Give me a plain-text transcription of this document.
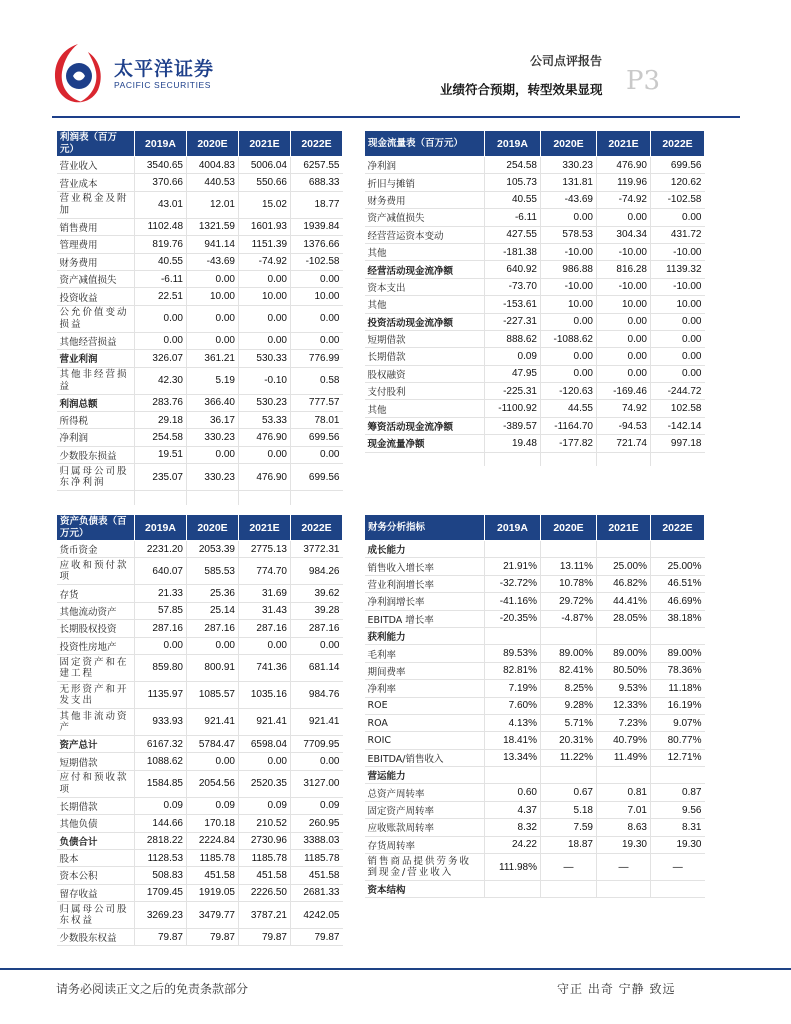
太平洋证券
PACIFIC SECURITIES
公司点评报告
业绩符合预期，转型效果显现 P3
利润表（百万元）	2019A	2020E	2021E	2022E
营业收入	3540.65	4004.83	5006.04	6257.55
营业成本	370.66	440.53	550.66	688.33
营业税金及附加	43.01	12.01	15.02	18.77
销售费用	1102.48	1321.59	1601.93	1939.84
管理费用	819.76	941.14	1151.39	1376.66
财务费用	40.55	-43.69	-74.92	-102.58
资产减值损失	-6.11	0.00	0.00	0.00
投资收益	22.51	10.00	10.00	10.00
公允价值变动损益	0.00	0.00	0.00	0.00
其他经营损益	0.00	0.00	0.00	0.00
营业利润	326.07	361.21	530.33	776.99
其他非经营损益	42.30	5.19	-0.10	0.58
利润总额	283.76	366.40	530.23	777.57
所得税	29.18	36.17	53.33	78.01
净利润	254.58	330.23	476.90	699.56
少数股东损益	19.51	0.00	0.00	0.00
归属母公司股东净利润	235.07	330.23	476.90	699.56

现金流量表（百万元）	2019A	2020E	2021E	2022E
净利润	254.58	330.23	476.90	699.56
折旧与摊销	105.73	131.81	119.96	120.62
财务费用	40.55	-43.69	-74.92	-102.58
资产减值损失	-6.11	0.00	0.00	0.00
经营营运资本变动	427.55	578.53	304.34	431.72
其他	-181.38	-10.00	-10.00	-10.00
经营活动现金流净额	640.92	986.88	816.28	1139.32
资本支出	-73.70	-10.00	-10.00	-10.00
其他	-153.61	10.00	10.00	10.00
投资活动现金流净额	-227.31	0.00	0.00	0.00
短期借款	888.62	-1088.62	0.00	0.00
长期借款	0.09	0.00	0.00	0.00
股权融资	47.95	0.00	0.00	0.00
支付股利	-225.31	-120.63	-169.46	-244.72
其他	-1100.92	44.55	74.92	102.58
筹资活动现金流净额	-389.57	-1164.70	-94.53	-142.14
现金流量净额	19.48	-177.82	721.74	997.18

资产负债表（百万元）	2019A	2020E	2021E	2022E
货币资金	2231.20	2053.39	2775.13	3772.31
应收和预付款项	640.07	585.53	774.70	984.26
存货	21.33	25.36	31.69	39.62
其他流动资产	57.85	25.14	31.43	39.28
长期股权投资	287.16	287.16	287.16	287.16
投资性房地产	0.00	0.00	0.00	0.00
固定资产和在建工程	859.80	800.91	741.36	681.14
无形资产和开发支出	1135.97	1085.57	1035.16	984.76
其他非流动资产	933.93	921.41	921.41	921.41
资产总计	6167.32	5784.47	6598.04	7709.95
短期借款	1088.62	0.00	0.00	0.00
应付和预收款项	1584.85	2054.56	2520.35	3127.00
长期借款	0.09	0.09	0.09	0.09
其他负债	144.66	170.18	210.52	260.95
负债合计	2818.22	2224.84	2730.96	3388.03
股本	1128.53	1185.78	1185.78	1185.78
资本公积	508.83	451.58	451.58	451.58
留存收益	1709.45	1919.05	2226.50	2681.33
归属母公司股东权益	3269.23	3479.77	3787.21	4242.05
少数股东权益	79.87	79.87	79.87	79.87
财务分析指标	2019A	2020E	2021E	2022E
成长能力				
销售收入增长率	21.91%	13.11%	25.00%	25.00%
营业利润增长率	-32.72%	10.78%	46.82%	46.51%
净利润增长率	-41.16%	29.72%	44.41%	46.69%
EBITDA 增长率	-20.35%	-4.87%	28.05%	38.18%
获利能力				
毛利率	89.53%	89.00%	89.00%	89.00%
期间费率	82.81%	82.41%	80.50%	78.36%
净利率	7.19%	8.25%	9.53%	11.18%
ROE	7.60%	9.28%	12.33%	16.19%
ROA	4.13%	5.71%	7.23%	9.07%
ROIC	18.41%	20.31%	40.79%	80.77%
EBITDA/销售收入	13.34%	11.22%	11.49%	12.71%
营运能力				
总资产周转率	0.60	0.67	0.81	0.87
固定资产周转率	4.37	5.18	7.01	9.56
应收账款周转率	8.32	7.59	8.63	8.31
存货周转率	24.22	18.87	19.30	19.30
销售商品提供劳务收到现金/营业收入	111.98%	—	—	—
资本结构				
请务必阅读正文之后的免责条款部分	守正 出奇 宁静 致远
